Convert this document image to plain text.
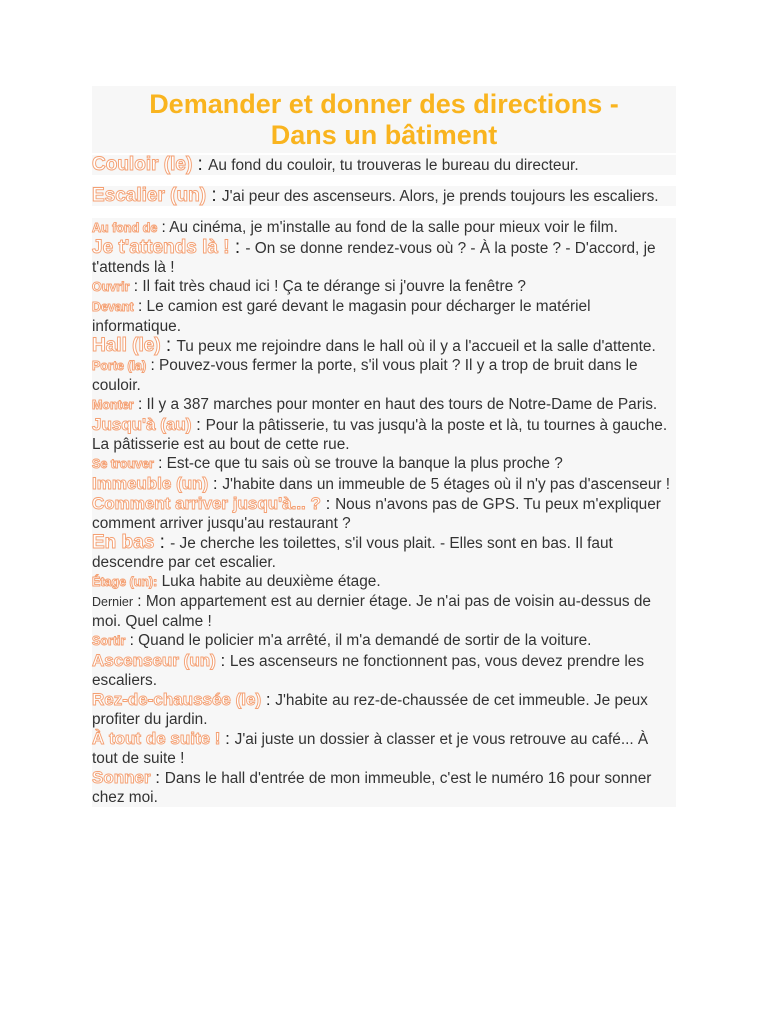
Demander et donner des directions -
Dans un bâtiment
Couloir (le) : Au fond du couloir, tu trouveras le bureau du directeur.
Escalier (un) : J'ai peur des ascenseurs. Alors, je prends toujours les escaliers.
Au fond de : Au cinéma, je m'installe au fond de la salle pour mieux voir le film.
Je t'attends là ! : - On se donne rendez-vous où ? - À la poste ? - D'accord, je t'attends là !
Ouvrir : Il fait très chaud ici ! Ça te dérange si j'ouvre la fenêtre ?
Devant : Le camion est garé devant le magasin pour décharger le matériel informatique.
Hall (le) : Tu peux me rejoindre dans le hall où il y a l'accueil et la salle d'attente.
Porte (la) : Pouvez-vous fermer la porte, s'il vous plait ? Il y a trop de bruit dans le couloir.
Monter : Il y a 387 marches pour monter en haut des tours de Notre-Dame de Paris.
Jusqu'à (au) : Pour la pâtisserie, tu vas jusqu'à la poste et là, tu tournes à gauche. La pâtisserie est au bout de cette rue.
Se trouver : Est-ce que tu sais où se trouve la banque la plus proche ?
Immeuble (un) : J'habite dans un immeuble de 5 étages où il n'y pas d'ascenseur !
Comment arriver jusqu'à... ? : Nous n'avons pas de GPS. Tu peux m'expliquer comment arriver jusqu'au restaurant ?
En bas : - Je cherche les toilettes, s'il vous plait. - Elles sont en bas. Il faut descendre par cet escalier.
Étage (un): Luka habite au deuxième étage.
Dernier : Mon appartement est au dernier étage. Je n'ai pas de voisin au-dessus de moi. Quel calme !
Sortir : Quand le policier m'a arrêté, il m'a demandé de sortir de la voiture.
Ascenseur (un) : Les ascenseurs ne fonctionnent pas, vous devez prendre les escaliers.
Rez-de-chaussée (le) : J'habite au rez-de-chaussée de cet immeuble. Je peux profiter du jardin.
À tout de suite ! : J'ai juste un dossier à classer et je vous retrouve au café... À tout de suite !
Sonner : Dans le hall d'entrée de mon immeuble, c'est le numéro 16 pour sonner chez moi.
